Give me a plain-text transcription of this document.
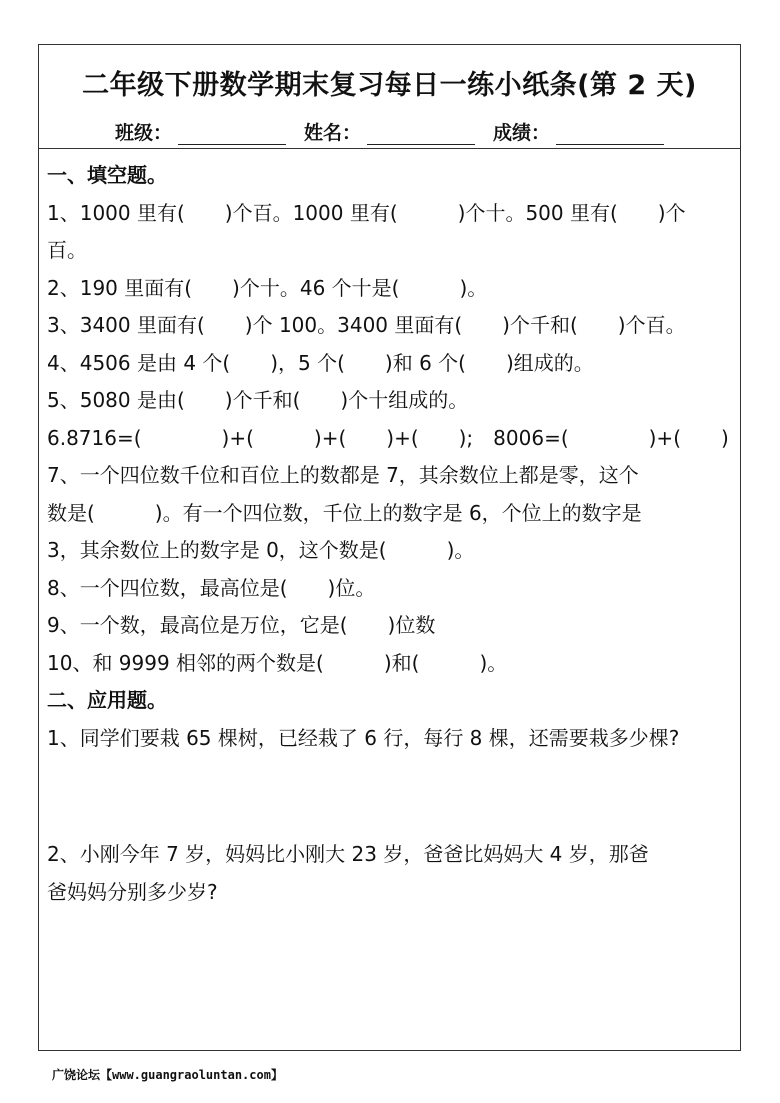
二年级下册数学期末复习每日一练小纸条(第 2 天)
班级：	姓名：	成绩：
一、填空题。
1、1000 里有(　　)个百。1000 里有(　　　)个十。500 里有(　　)个
百。
2、190 里面有(　　)个十。46 个十是(　　　)。
3、3400 里面有(　　)个 100。3400 里面有(　　)个千和(　　)个百。
4、4506 是由 4 个(　　)，5 个(　　)和 6 个(　　)组成的。
5、5080 是由(　　)个千和(　　)个十组成的。
6.8716=(　　　　)+(　　　)+(　　)+(　　);　8006=(　　　　)+(　　)
7、一个四位数千位和百位上的数都是 7，其余数位上都是零，这个
数是(　　　)。有一个四位数，千位上的数字是 6，个位上的数字是
3，其余数位上的数字是 0，这个数是(　　　)。
8、一个四位数，最高位是(　　)位。
9、一个数，最高位是万位，它是(　　)位数
10、和 9999 相邻的两个数是(　　　)和(　　　)。
二、应用题。
1、同学们要栽 65 棵树，已经栽了 6 行，每行 8 棵，还需要栽多少棵?
2、小刚今年 7 岁，妈妈比小刚大 23 岁，爸爸比妈妈大 4 岁，那爸
爸妈妈分别多少岁?
广饶论坛【www.guangraoluntan.com】
